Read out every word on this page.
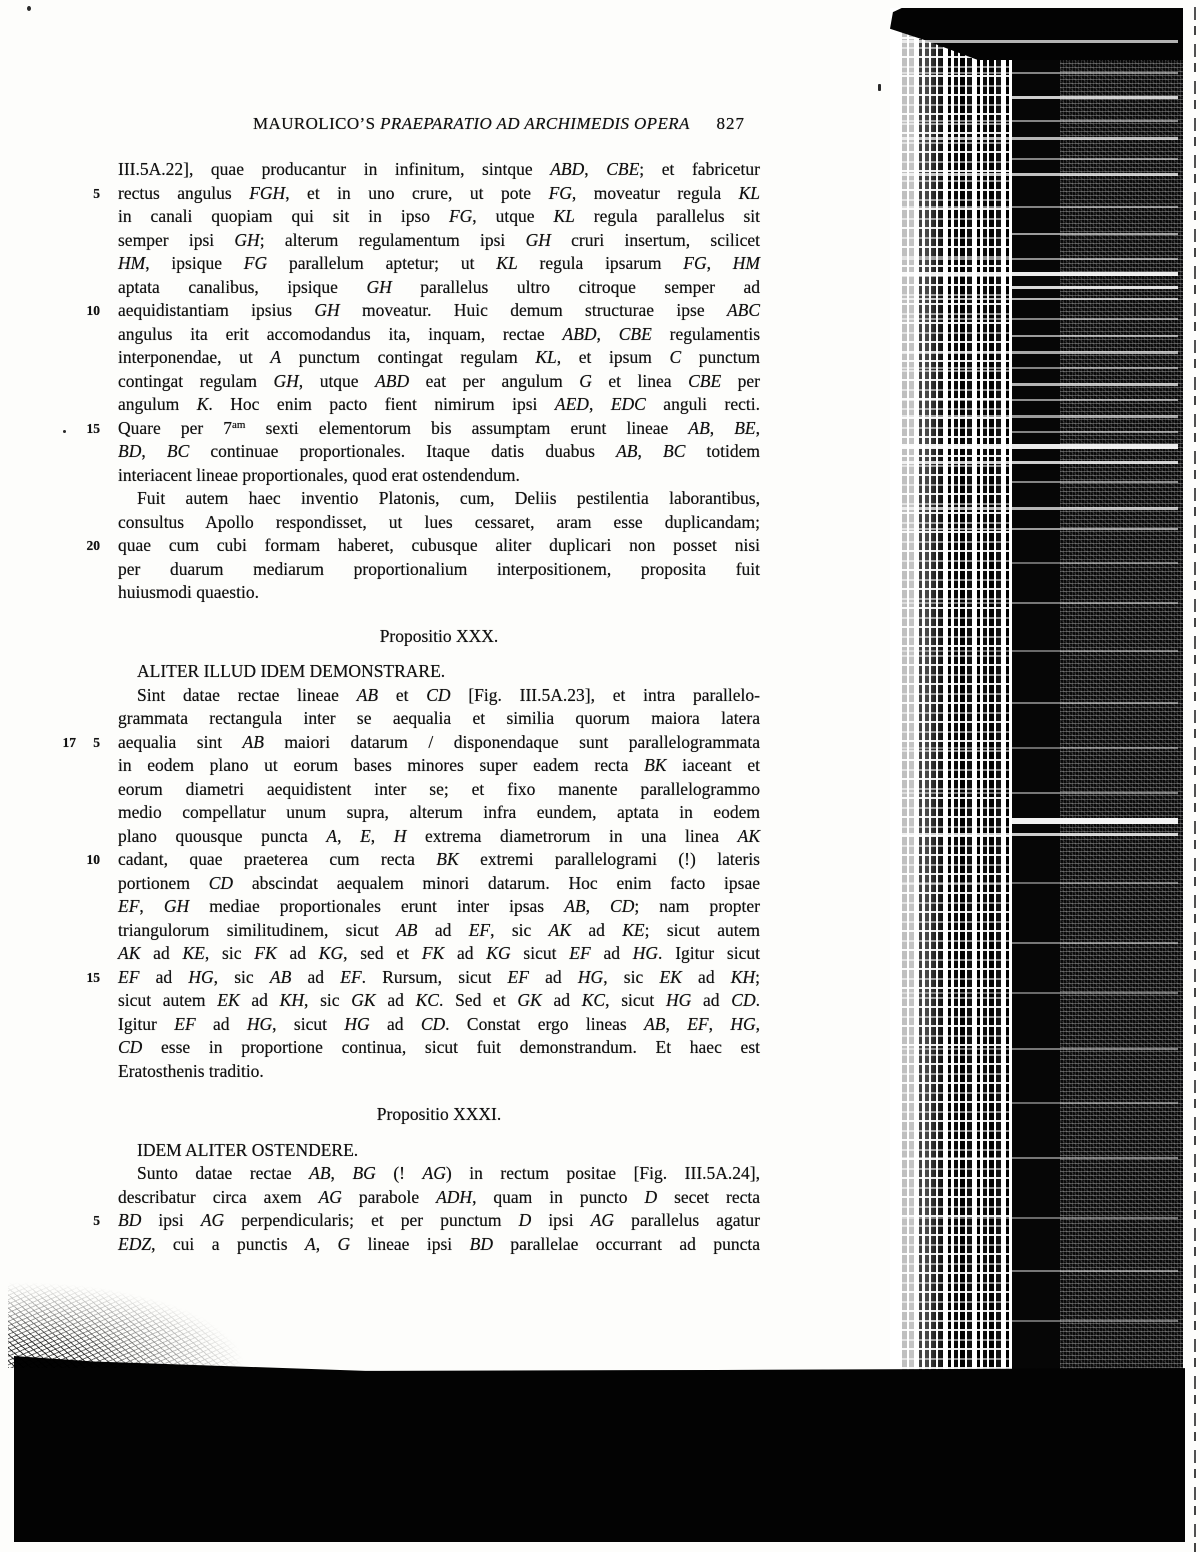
MAUROLICO’S PRAEPARATIO AD ARCHIMEDIS OPERA 827
III.5A.22], quae producantur in infinitum, sintque ABD, CBE; et fabricetur
5 rectus angulus FGH, et in uno crure, ut pote FG, moveatur regula KL
in canali quopiam qui sit in ipso FG, utque KL regula parallelus sit
semper ipsi GH; alterum regulamentum ipsi GH cruri insertum, scilicet
HM, ipsique FG parallelum aptetur; ut KL regula ipsarum FG, HM
aptata canalibus, ipsique GH parallelus ultro citroque semper ad
10 aequidistantiam ipsius GH moveatur. Huic demum structurae ipse ABC
angulus ita erit accomodandus ita, inquam, rectae ABD, CBE regulamentis
interponendae, ut A punctum contingat regulam KL, et ipsum C punctum
contingat regulam GH, utque ABD eat per angulum G et linea CBE per
angulum K. Hoc enim pacto fient nimirum ipsi AED, EDC anguli recti.
15 Quare per $7^{am}$ sexti elementorum bis assumptam erunt lineae AB, BE,
BD, BC continuae proportionales. Itaque datis duabus AB, BC totidem
interiacent lineae proportionales, quod erat ostendendum.
Fuit autem haec inventio Platonis, cum, Deliis pestilentia laborantibus,
consultus Apollo respondisset, ut lues cessaret, aram esse duplicandam;
20 quae cum cubi formam haberet, cubusque aliter duplicari non posset nisi
per duarum mediarum proportionalium interpositionem, proposita fuit
huiusmodi quaestio.
Propositio XXX.
ALITER ILLUD IDEM DEMONSTRARE.
Sint datae rectae lineae AB et CD [Fig. III.5A.23], et intra parallelo-
grammata rectangula inter se aequalia et similia quorum maiora latera
17	5 aequalia sint AB maiori datarum / disponendaque sunt parallelogrammata
in eodem plano ut eorum bases minores super eadem recta BK iaceant et
eorum diametri aequidistent inter se; et fixo manente parallelogrammo
medio compellatur unum supra, alterum infra eundem, aptata in eodem
plano quousque puncta A, E, H extrema diametrorum in una linea AK
10 cadant, quae praeterea cum recta BK extremi parallelogrami (!) lateris
portionem CD abscindat aequalem minori datarum. Hoc enim facto ipsae
EF, GH mediae proportionales erunt inter ipsas AB, CD; nam propter
triangulorum similitudinem, sicut AB ad EF, sic AK ad KE; sicut autem
AK ad KE, sic FK ad KG, sed et FK ad KG sicut EF ad HG. Igitur sicut
15 EF ad HG, sic AB ad EF. Rursum, sicut EF ad HG, sic EK ad KH;
sicut autem EK ad KH, sic GK ad KC. Sed et GK ad KC, sicut HG ad CD.
Igitur EF ad HG, sicut HG ad CD. Constat ergo lineas AB, EF, HG,
CD esse in proportione continua, sicut fuit demonstrandum. Et haec est
Eratosthenis traditio.
Propositio XXXI.
IDEM ALITER OSTENDERE.
Sunto datae rectae AB, BG (! AG) in rectum positae [Fig. III.5A.24],
describatur circa axem AG parabole ADH, quam in puncto D secet recta
5 BD ipsi AG perpendicularis; et per punctum D ipsi AG parallelus agatur
EDZ, cui a punctis A, G lineae ipsi BD parallelae occurrant ad puncta
